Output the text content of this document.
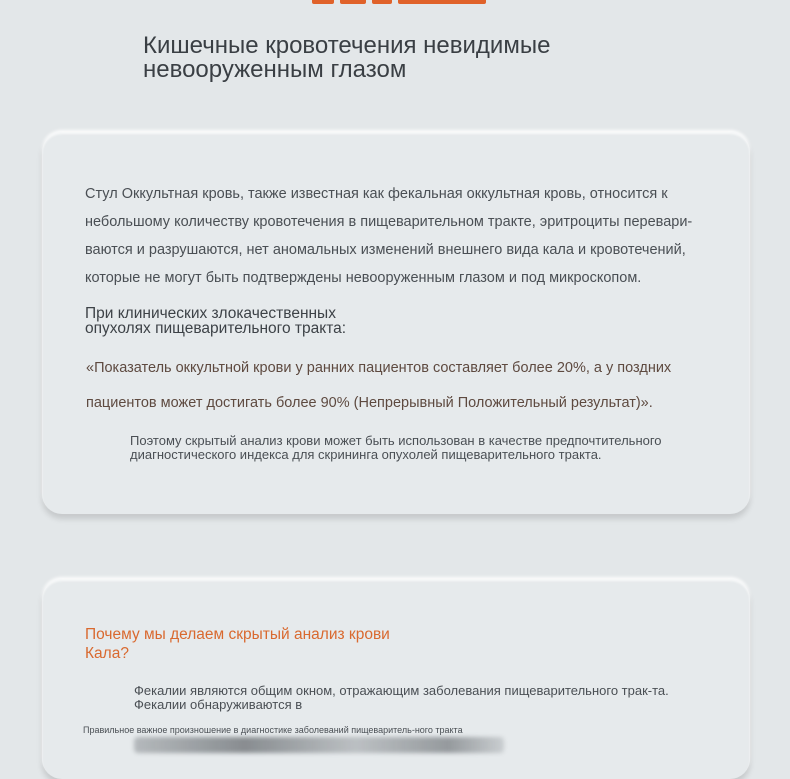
Кишечные кровотечения невидимые невооруженным глазом

Стул Оккультная кровь, также известная как фекальная оккультная кровь, относится к небольшому количеству кровотечения в пищеварительном тракте, эритроциты перевари-ваются и разрушаются, нет аномальных изменений внешнего вида кала и кровотечений, которые не могут быть подтверждены невооруженным глазом и под микроскопом.

При клинических злокачественных опухолях пищеварительного тракта:

«Показатель оккультной крови у ранних пациентов составляет более 20%, а у поздних пациентов может достигать более 90% (Непрерывный Положительный результат)».

Поэтому скрытый анализ крови может быть использован в качестве предпочтительного диагностического индекса для скрининга опухолей пищеварительного тракта.

Почему мы делаем скрытый анализ крови Кала?

Фекалии являются общим окном, отражающим заболевания пищеварительного трак-та. Фекалии обнаруживаются в

Правильное важное произношение в диагностике заболеваний пищеваритель-ного тракта
